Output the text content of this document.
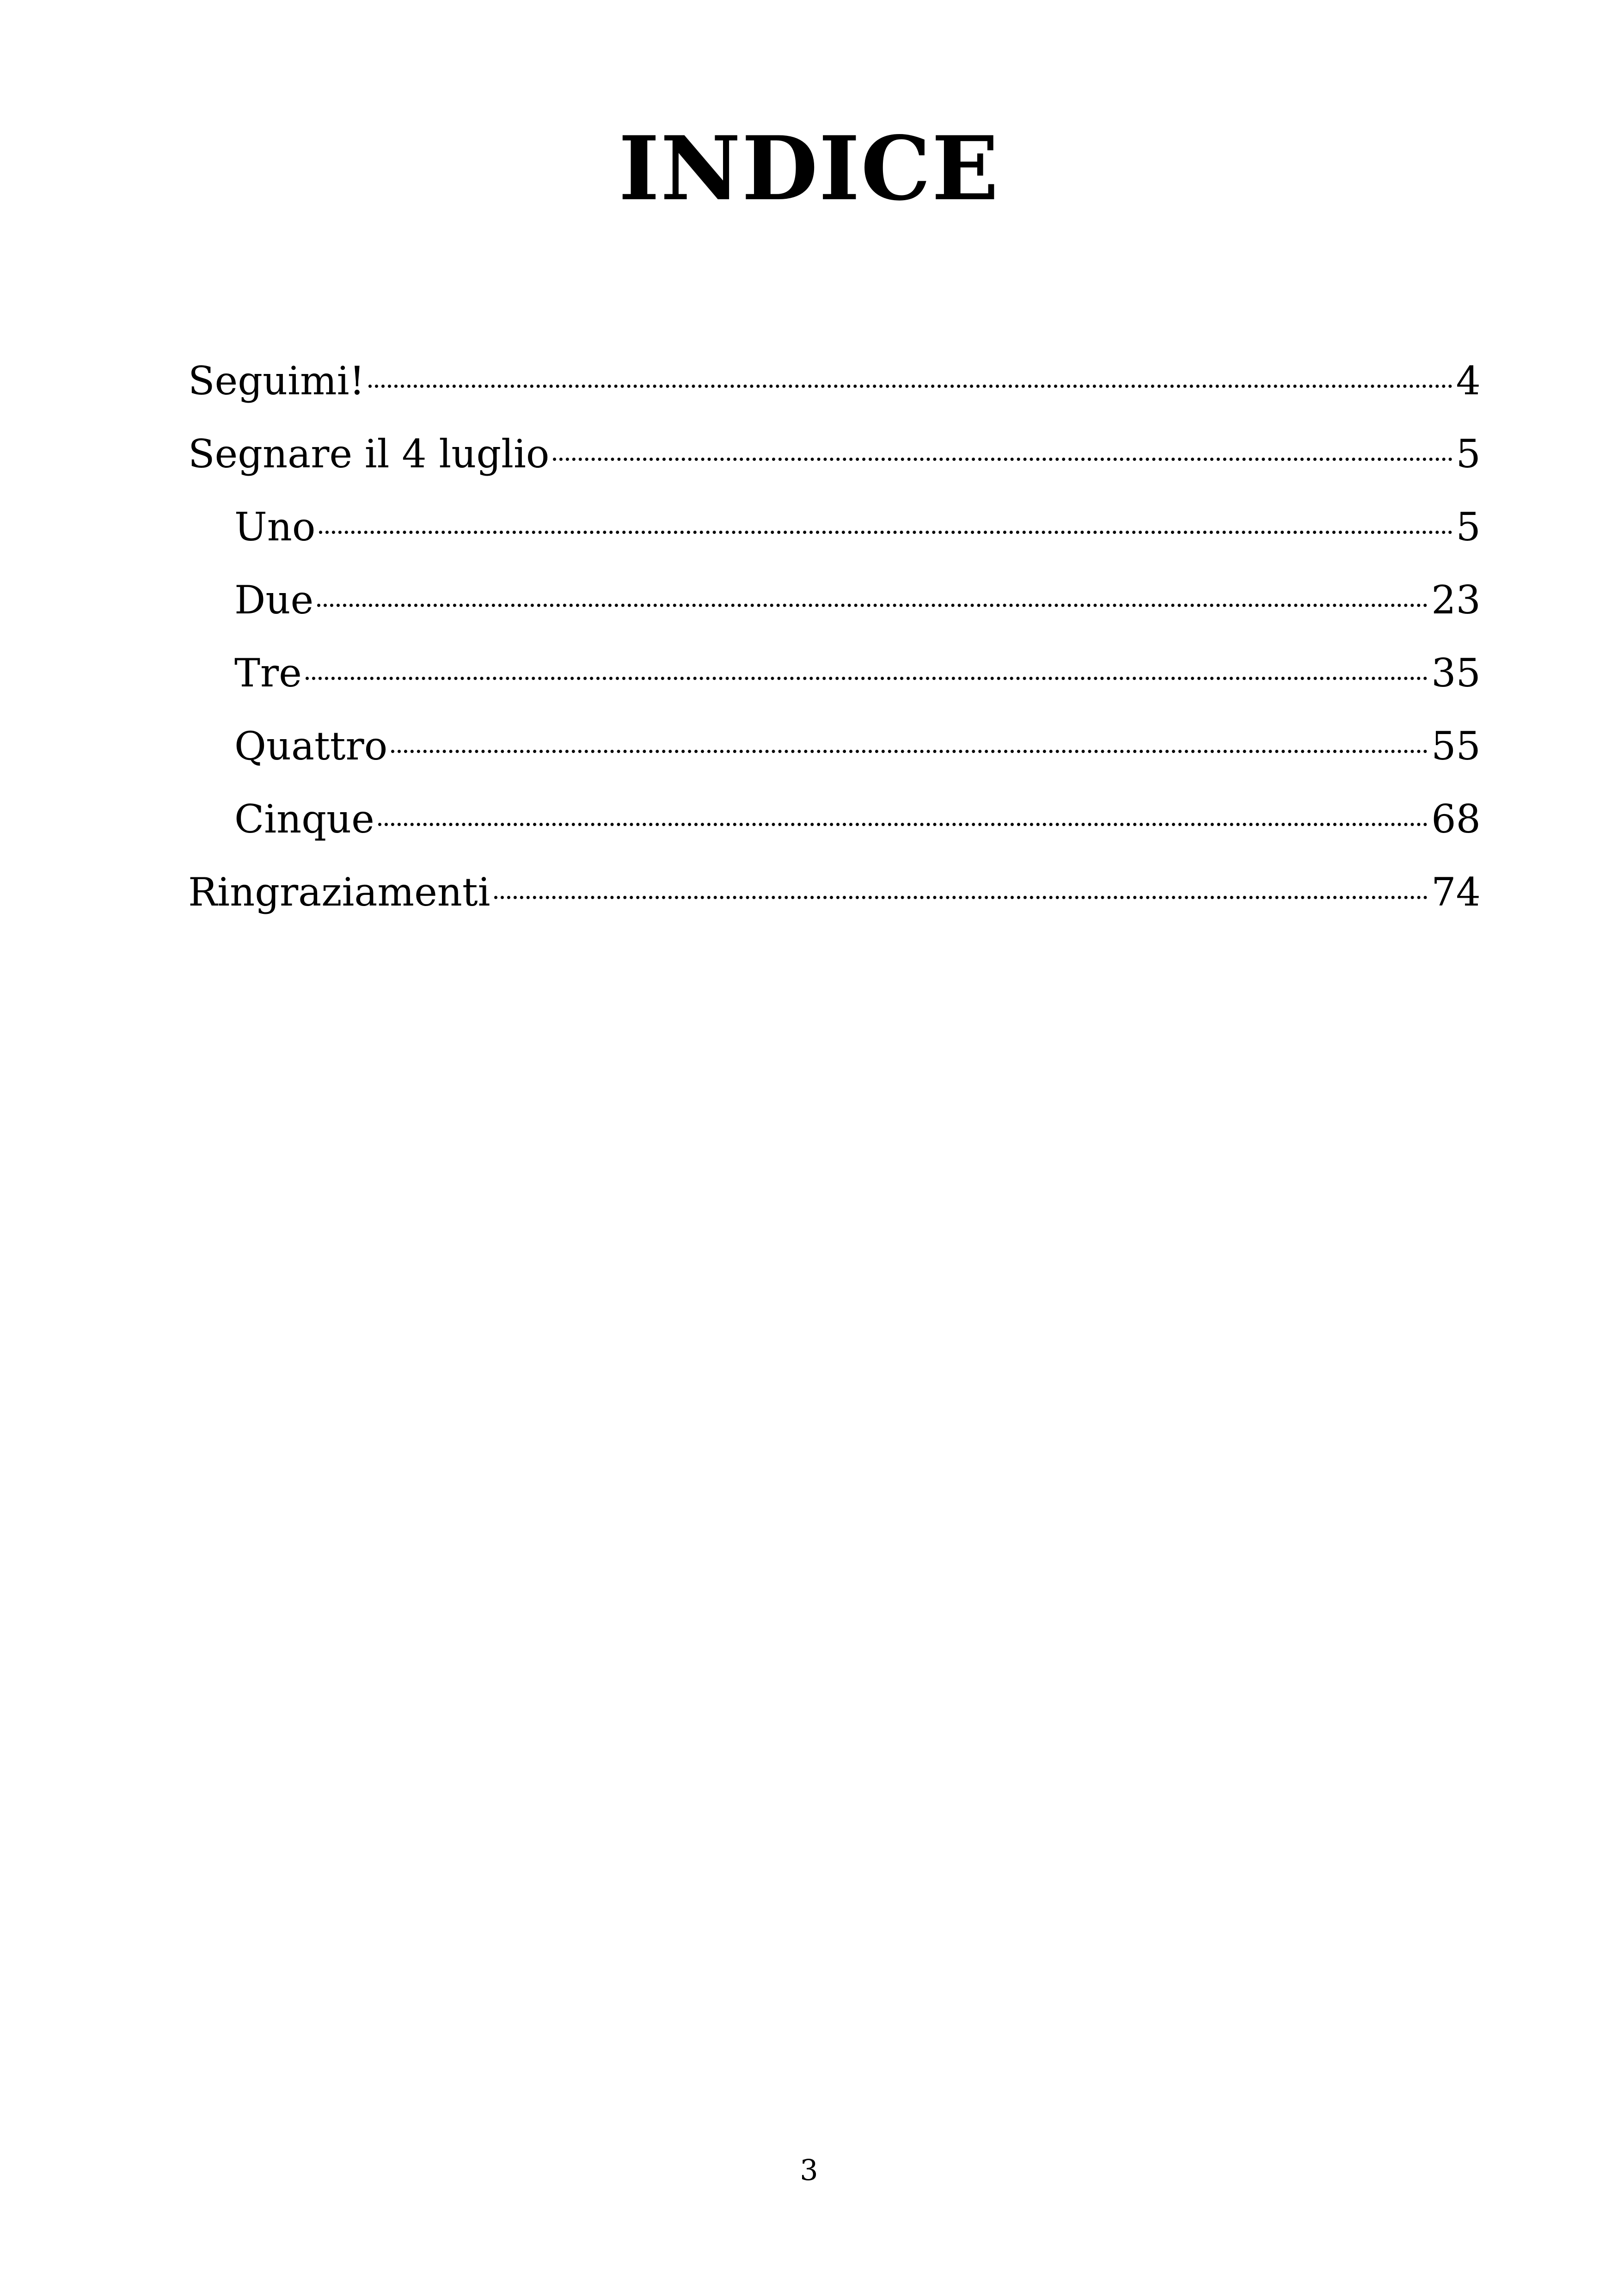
INDICE
Seguimi!	4
Segnare il 4 luglio	5
Uno	5
Due	23
Tre	35
Quattro	55
Cinque	68
Ringraziamenti	74
3
